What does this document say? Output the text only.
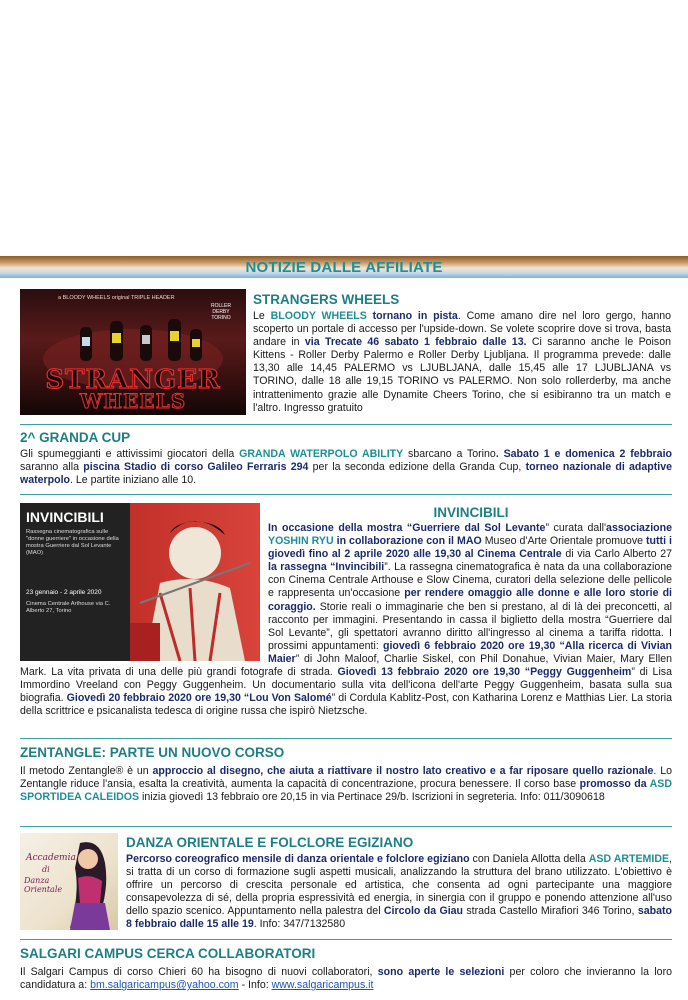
NOTIZIE DALLE AFFILIATE
a BLOODY WHEELS original TRIPLE HEADER
ROLLER DERBY
TORINO
STRANGER
WHEELS
STRANGERS WHEELS

Le BLOODY WHEELS tornano in pista. Come amano dire nel loro gergo, hanno scoperto un portale di accesso per l'upside-down. Se volete scoprire dove si trova, basta andare in via Trecate 46 sabato 1 febbraio dalle 13. Ci saranno anche le Poison Kittens - Roller Derby Palermo e Roller Derby Ljubljana. Il programma prevede: dalle 13,30 alle 14,45 PALERMO vs LJUBLJANA, dalle 15,45 alle 17 LJUBLJANA vs TORINO, dalle 18 alle 19,15 TORINO vs PALERMO. Non solo rollerderby, ma anche intrattenimento grazie alle Dynamite Cheers Torino, che si esibiranno tra un match e l'altro. Ingresso gratuito

2^ GRANDA CUP

Gli spumeggianti e attivissimi giocatori della GRANDA WATERPOLO ABILITY sbarcano a Torino. Sabato 1 e domenica 2 febbraio saranno alla piscina Stadio di corso Galileo Ferraris 294 per la seconda edizione della Granda Cup, torneo nazionale di adaptive waterpolo. Le partite iniziano alle 10.

INVINCIBILI
Rassegna cinematografica sulle "donne guerriere" in occasione della mostra Guerriere dal Sol Levante (MAO)
23 gennaio - 2 aprile 2020
Cinema Centrale Arthouse via C. Alberto 27, Torino
INVINCIBILI

In occasione della mostra “Guerriere dal Sol Levante” curata dall'associazione YOSHIN RYU in collaborazione con il MAO Museo d'Arte Orientale promuove tutti i giovedì fino al 2 aprile 2020 alle 19,30 al Cinema Centrale di via Carlo Alberto 27 la rassegna “Invincibili”. La rassegna cinematografica è nata da una collaborazione con Cinema Centrale Arthouse e Slow Cinema, curatori della selezione delle pellicole e rappresenta un'occasione per rendere omaggio alle donne e alle loro storie di coraggio. Storie reali o immaginarie che ben si prestano, al di là dei preconcetti, al racconto per immagini. Presentando in cassa il biglietto della mostra “Guerriere dal Sol Levante”, gli spettatori avranno diritto all'ingresso al cinema a tariffa ridotta. I prossimi appuntamenti: giovedì 6 febbraio 2020 ore 19,30 “Alla ricerca di Vivian Maier” di John Maloof, Charlie Siskel, con Phil Donahue, Vivian Maier, Mary Ellen Mark. La vita privata di una delle più grandi fotografe di strada. Giovedì 13 febbraio 2020 ore 19,30 “Peggy Guggenheim” di Lisa Immordino Vreeland con Peggy Guggenheim. Un documentario sulla vita dell'icona dell'arte Peggy Guggenheim, basata sulla sua biografia. Giovedì 20 febbraio 2020 ore 19,30 “Lou Von Salomé” di Cordula Kablitz-Post, con Katharina Lorenz e Matthias Lier. La storia della scrittrice e psicanalista tedesca di origine russa che ispirò Nietzsche.

ZENTANGLE: PARTE UN NUOVO CORSO

Il metodo Zentangle® è un approccio al disegno, che aiuta a riattivare il nostro lato creativo e a far riposare quello razionale. Lo Zentangle riduce l'ansia, esalta la creatività, aumenta la capacità di concentrazione, procura benessere. Il corso base promosso da ASD SPORTIDEA CALEIDOS inizia giovedì 13 febbraio ore 20,15 in via Pertinace 29/b. Iscrizioni in segreteria. Info: 011/3090618

Accademia
di
Danza Orientale
DANZA ORIENTALE E FOLCLORE EGIZIANO

Percorso coreografico mensile di danza orientale e folclore egiziano con Daniela Allotta della ASD ARTEMIDE, si tratta di un corso di formazione sugli aspetti musicali, analizzando la struttura del brano utilizzato. L'obiettivo è offrire un percorso di crescita personale ed artistica, che consenta ad ogni partecipante una maggiore consapevolezza di sé, della propria espressività ed energia, in sinergia con il gruppo e ponendo attenzione all'uso dello spazio scenico. Appuntamento nella palestra del Circolo da Giau strada Castello Mirafiori 346 Torino, sabato 8 febbraio dalle 15 alle 19. Info: 347/7132580

SALGARI CAMPUS CERCA COLLABORATORI

Il Salgari Campus di corso Chieri 60 ha bisogno di nuovi collaboratori, sono aperte le selezioni per coloro che invieranno la loro candidatura a: bm.salgaricampus@yahoo.com - Info: www.salgaricampus.it
